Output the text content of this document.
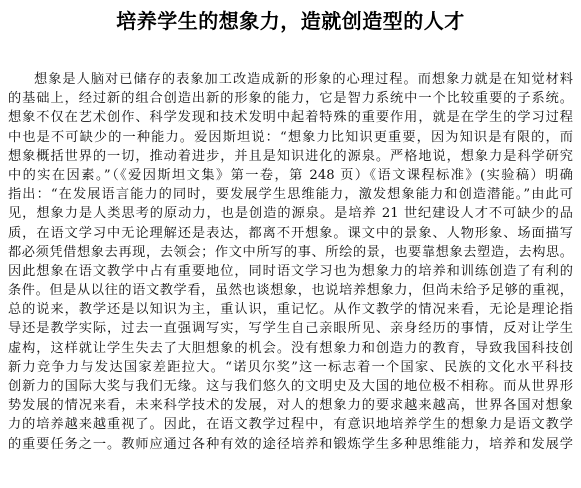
培养学生的想象力，造就创造型的人才
想象是人脑对已储存的表象加工改造成新的形象的心理过程。而想象力就是在知觉材料
的基础上，经过新的组合创造出新的形象的能力，它是智力系统中一个比较重要的子系统。
想象不仅在艺术创作、科学发现和技术发明中起着特殊的重要作用，就是在学生的学习过程
中也是不可缺少的一种能力。爱因斯坦说：“想象力比知识更重要，因为知识是有限的，而
想象概括世界的一切，推动着进步，并且是知识进化的源泉。严格地说，想象力是科学研究
中的实在因素。”（《爱因斯坦文集》第一卷，第 248 页）《语文课程标准》(实验稿）明确
指出：“在发展语言能力的同时，要发展学生思维能力，激发想象能力和创造潜能。”由此可
见，想象力是人类思考的原动力，也是创造的源泉。是培养 21 世纪建设人才不可缺少的品
质，在语文学习中无论理解还是表达，都离不开想象。课文中的景象、人物形象、场面描写
都必须凭借想象去再现，去领会；作文中所写的事、所绘的景，也要靠想象去塑造，去构思。
因此想象在语文教学中占有重要地位，同时语文学习也为想象力的培养和训练创造了有利的
条件。但是从以往的语文教学看，虽然也谈想象，也说培养想象力，但尚未给予足够的重视，
总的说来，教学还是以知识为主，重认识，重记忆。从作文教学的情况来看，无论是理论指
导还是教学实际，过去一直强调写实，写学生自己亲眼所见、亲身经历的事情，反对让学生
虚构，这样就让学生失去了大胆想象的机会。没有想象力和创造力的教育，导致我国科技创
新力竞争力与发达国家差距拉大。“诺贝尔奖”这一标志着一个国家、民族的文化水平科技
创新力的国际大奖与我们无缘。这与我们悠久的文明史及大国的地位极不相称。而从世界形
势发展的情况来看，未来科学技术的发展，对人的想象力的要求越来越高，世界各国对想象
力的培养越来越重视了。因此，在语文教学过程中，有意识地培养学生的想象力是语文教学
的重要任务之一。教师应通过各种有效的途径培养和锻炼学生多种思维能力，培养和发展学
